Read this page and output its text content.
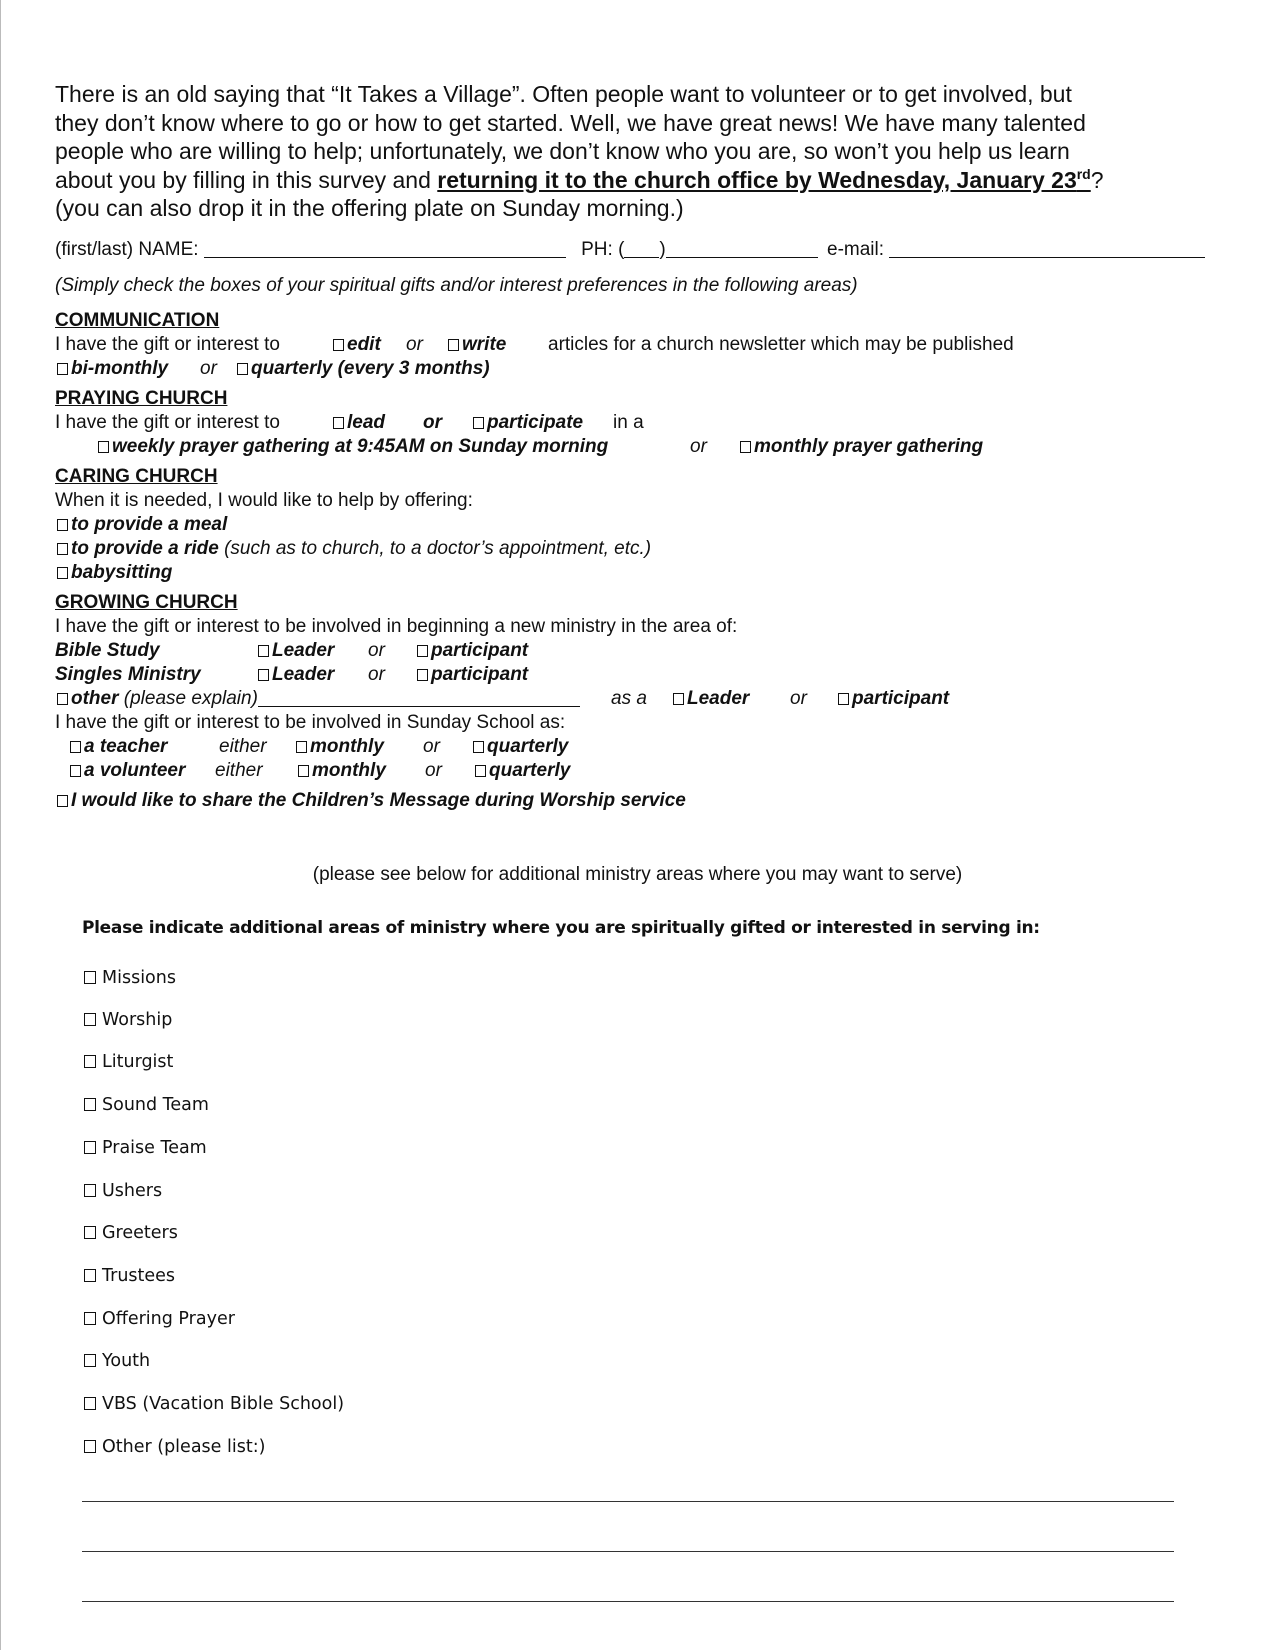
There is an old saying that “It Takes a Village”. Often people want to volunteer or to get involved, but

they don’t know where to go or how to get started. Well, we have great news! We have many talented

people who are willing to help; unfortunately, we don’t know who you are, so won’t you help us learn

about you by filling in this survey and returning it to the church office by Wednesday, January 23rd?

(you can also drop it in the offering plate on Sunday morning.)

(first/last) NAME:	PH: ( )	e-mail:
(Simply check the boxes of your spiritual gifts and/or interest preferences in the following areas)
COMMUNICATION
I have the gift or interest to	edit or	write articles for a church newsletter which may be published
bi-monthly or	quarterly (every 3 months)
PRAYING CHURCH
I have the gift or interest to	lead or	participate in a
weekly prayer gathering at 9:45AM on Sunday morning	or	monthly prayer gathering
CARING CHURCH
When it is needed, I would like to help by offering:
to provide a meal
to provide a ride (such as to church, to a doctor’s appointment, etc.)
babysitting
GROWING CHURCH
I have the gift or interest to be involved in beginning a new ministry in the area of:
Bible Study	Leader or	participant
Singles Ministry	Leader or	participant
other (please explain)	as a	Leader or	participant
I have the gift or interest to be involved in Sunday School as:
a teacher	either	monthly or	quarterly
a volunteer either	monthly or	quarterly
I would like to share the Children’s Message during Worship service
(please see below for additional ministry areas where you may want to serve)
Please indicate additional areas of ministry where you are spiritually gifted or interested in serving in:
Missions
Worship
Liturgist
Sound Team
Praise Team
Ushers
Greeters
Trustees
Offering Prayer
Youth
VBS (Vacation Bible School)
Other (please list:)
